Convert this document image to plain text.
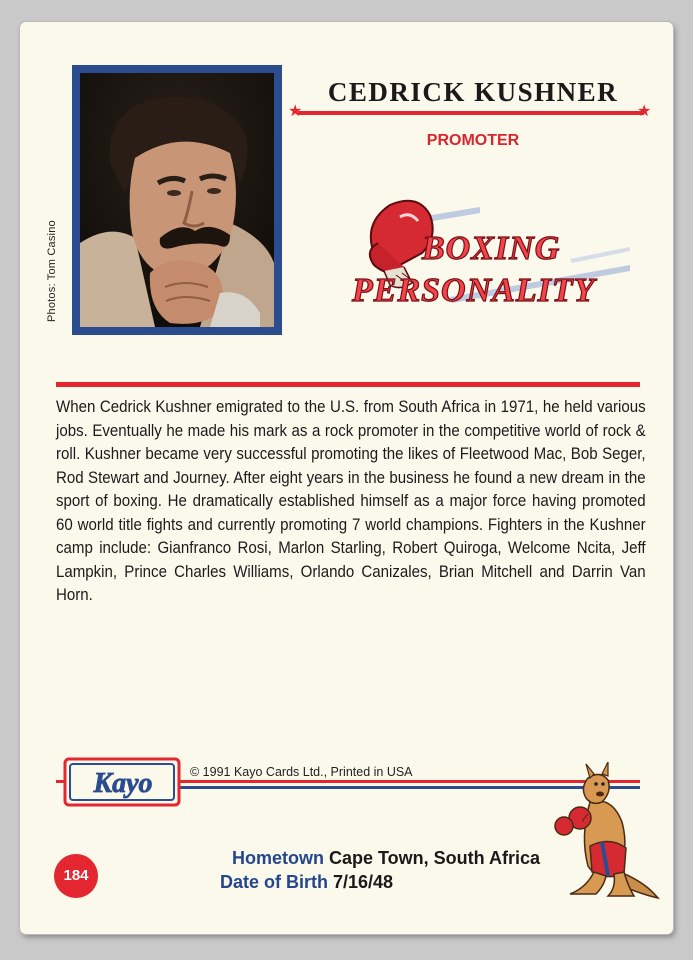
Photos: Tom Casino
CEDRICK KUSHNER
★	★
PROMOTER
BOXING
PERSONALITY
When Cedrick Kushner emigrated to the U.S. from South Africa in 1971, he held various jobs. Eventually he made his mark as a rock promoter in the competitive world of rock & roll. Kushner became very successful promoting the likes of Fleetwood Mac, Bob Seger, Rod Stewart and Journey. After eight years in the business he found a new dream in the sport of boxing. He dramatically established himself as a major force having promoted 60 world title fights and currently promoting 7 world champions. Fighters in the Kushner camp include: Gianfranco Rosi, Marlon Starling, Robert Quiroga, Welcome Ncita, Jeff Lampkin, Prince Charles Williams, Orlando Canizales, Brian Mitchell and Darrin Van Horn.
Kayo	© 1991 Kayo Cards Ltd., Printed in USA
184
Hometown Cape Town, South Africa
Date of Birth 7/16/48
